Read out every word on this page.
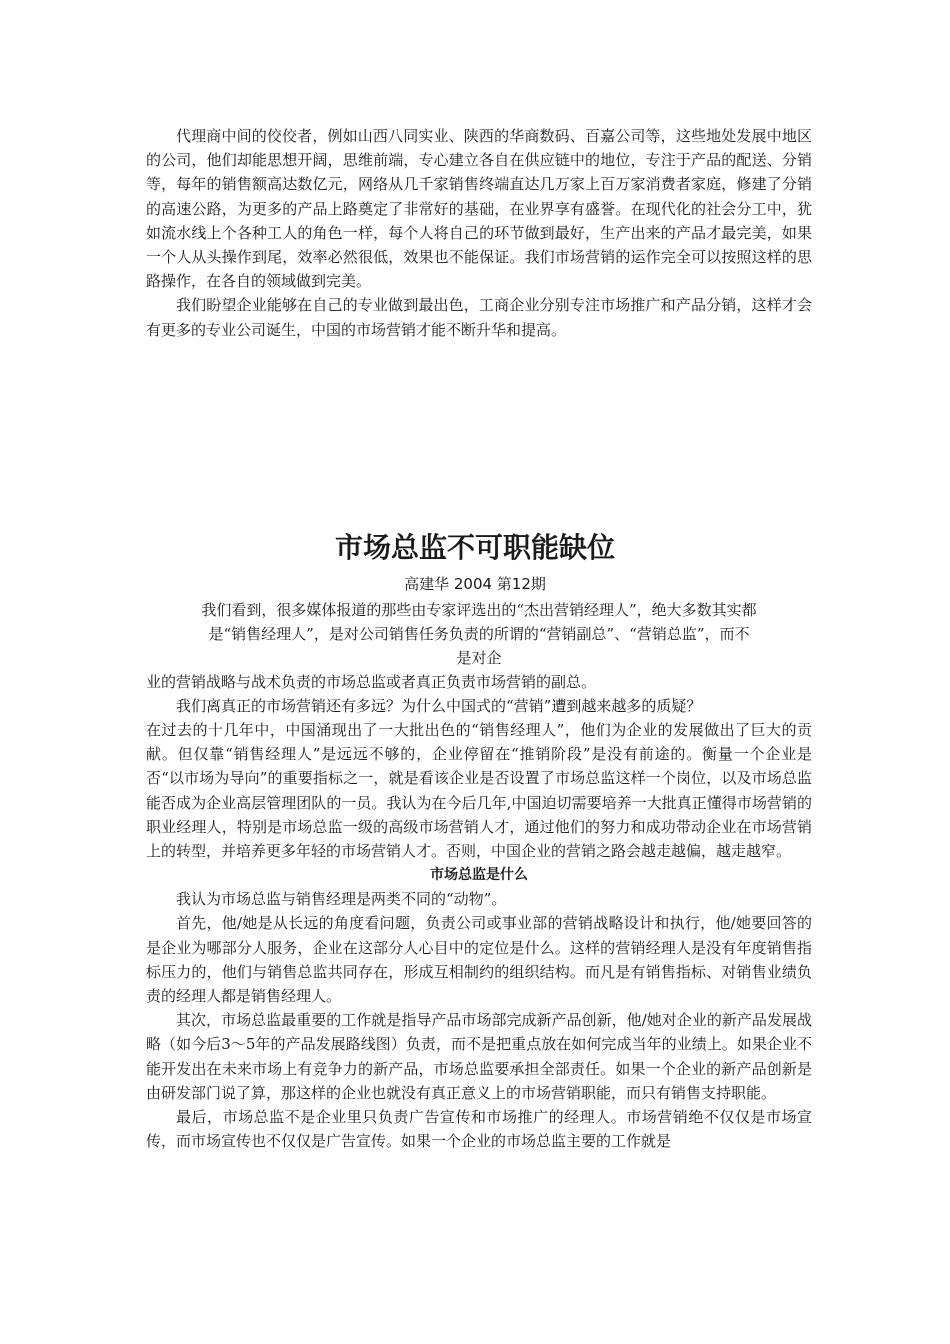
代理商中间的佼佼者，例如山西八同实业、陕西的华商数码、百嘉公司等，这些地处发展中地区的公司，他们却能思想开阔，思维前端，专心建立各自在供应链中的地位，专注于产品的配送、分销等，每年的销售额高达数亿元，网络从几千家销售终端直达几万家上百万家消费者家庭，修建了分销的高速公路，为更多的产品上路奠定了非常好的基础，在业界享有盛誉。在现代化的社会分工中，犹如流水线上个各种工人的角色一样，每个人将自己的环节做到最好，生产出来的产品才最完美，如果一个人从头操作到尾，效率必然很低，效果也不能保证。我们市场营销的运作完全可以按照这样的思路操作，在各自的领域做到完美。

我们盼望企业能够在自己的专业做到最出色，工商企业分别专注市场推广和产品分销，这样才会有更多的专业公司诞生，中国的市场营销才能不断升华和提高。

市场总监不可职能缺位

高建华 2004 第12期

我们看到，很多媒体报道的那些由专家评选出的“杰出营销经理人”，绝大多数其实都

是“销售经理人”，是对公司销售任务负责的所谓的“营销副总”、“营销总监”，而不

是对企

业的营销战略与战术负责的市场总监或者真正负责市场营销的副总。

我们离真正的市场营销还有多远？为什么中国式的“营销”遭到越来越多的质疑？

在过去的十几年中，中国涌现出了一大批出色的“销售经理人”，他们为企业的发展做出了巨大的贡献。但仅靠“销售经理人”是远远不够的，企业停留在“推销阶段”是没有前途的。衡量一个企业是否“以市场为导向”的重要指标之一，就是看该企业是否设置了市场总监这样一个岗位，以及市场总监能否成为企业高层管理团队的一员。我认为在今后几年,中国迫切需要培养一大批真正懂得市场营销的职业经理人，特别是市场总监一级的高级市场营销人才，通过他们的努力和成功带动企业在市场营销上的转型，并培养更多年轻的市场营销人才。否则，中国企业的营销之路会越走越偏，越走越窄。

市场总监是什么

我认为市场总监与销售经理是两类不同的“动物”。

首先，他/她是从长远的角度看问题，负责公司或事业部的营销战略设计和执行，他/她要回答的是企业为哪部分人服务，企业在这部分人心目中的定位是什么。这样的营销经理人是没有年度销售指标压力的，他们与销售总监共同存在，形成互相制约的组织结构。而凡是有销售指标、对销售业绩负责的经理人都是销售经理人。

其次，市场总监最重要的工作就是指导产品市场部完成新产品创新，他/她对企业的新产品发展战略（如今后3～5年的产品发展路线图）负责，而不是把重点放在如何完成当年的业绩上。如果企业不能开发出在未来市场上有竞争力的新产品，市场总监要承担全部责任。如果一个企业的新产品创新是由研发部门说了算，那这样的企业也就没有真正意义上的市场营销职能，而只有销售支持职能。

最后，市场总监不是企业里只负责广告宣传和市场推广的经理人。市场营销绝不仅仅是市场宣传，而市场宣传也不仅仅是广告宣传。如果一个企业的市场总监主要的工作就是
